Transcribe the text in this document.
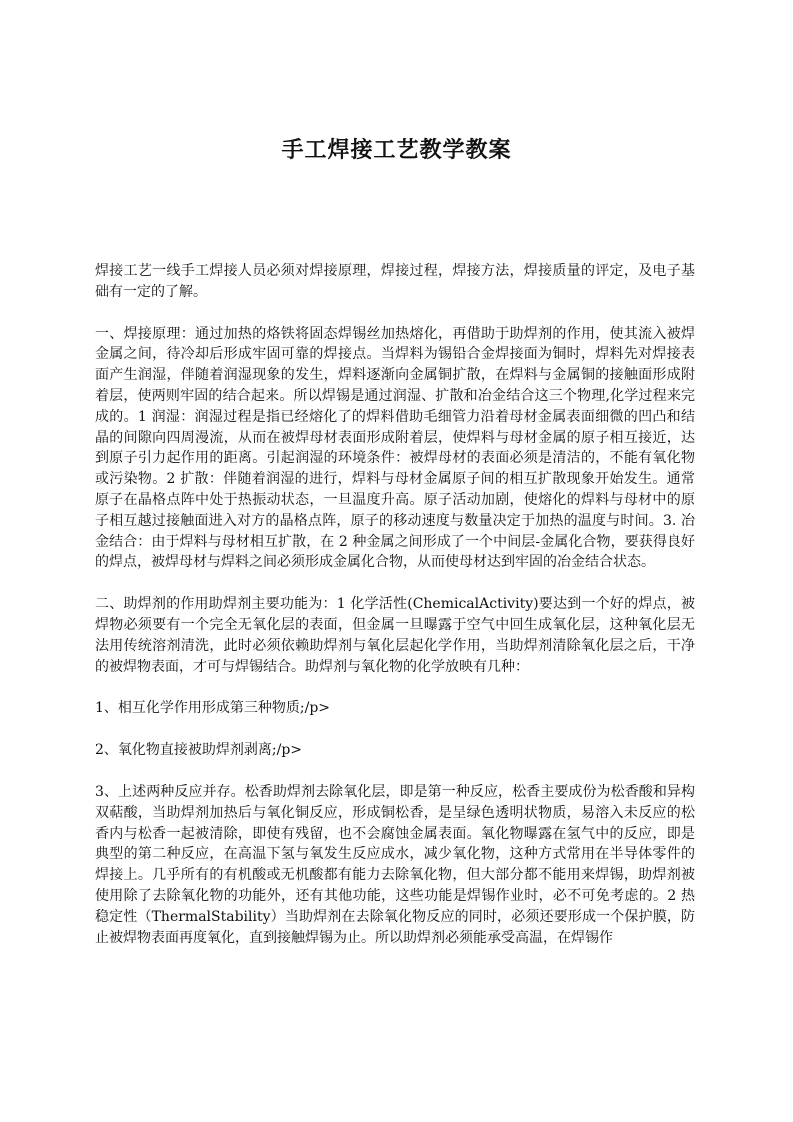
手工焊接工艺教学教案

焊接工艺一线手工焊接人员必须对焊接原理，焊接过程，焊接方法，焊接质量的评定，及电子基础有一定的了解。

一、焊接原理：通过加热的烙铁将固态焊锡丝加热熔化，再借助于助焊剂的作用，使其流入被焊金属之间，待冷却后形成牢固可靠的焊接点。当焊料为锡铅合金焊接面为铜时，焊料先对焊接表面产生润湿，伴随着润湿现象的发生，焊料逐渐向金属铜扩散，在焊料与金属铜的接触面形成附着层，使两则牢固的结合起来。所以焊锡是通过润湿、扩散和冶金结合这三个物理,化学过程来完成的。1 润湿：润湿过程是指已经熔化了的焊料借助毛细管力沿着母材金属表面细微的凹凸和结晶的间隙向四周漫流，从而在被焊母材表面形成附着层，使焊料与母材金属的原子相互接近，达到原子引力起作用的距离。引起润湿的环境条件：被焊母材的表面必须是清洁的，不能有氧化物或污染物。2 扩散：伴随着润湿的进行，焊料与母材金属原子间的相互扩散现象开始发生。通常原子在晶格点阵中处于热振动状态，一旦温度升高。原子活动加剧，使熔化的焊料与母材中的原子相互越过接触面进入对方的晶格点阵，原子的移动速度与数量决定于加热的温度与时间。3. 冶金结合：由于焊料与母材相互扩散，在 2 种金属之间形成了一个中间层-金属化合物，要获得良好的焊点，被焊母材与焊料之间必须形成金属化合物，从而使母材达到牢固的冶金结合状态。

二、助焊剂的作用助焊剂主要功能为：1 化学活性(ChemicalActivity)要达到一个好的焊点，被焊物必须要有一个完全无氧化层的表面，但金属一旦曝露于空气中回生成氧化层，这种氧化层无法用传统溶剂清洗，此时必须依赖助焊剂与氧化层起化学作用，当助焊剂清除氧化层之后，干净的被焊物表面，才可与焊锡结合。助焊剂与氧化物的化学放映有几种：

1、相互化学作用形成第三种物质;/p>

2、氧化物直接被助焊剂剥离;/p>

3、上述两种反应并存。松香助焊剂去除氧化层，即是第一种反应，松香主要成份为松香酸和异构双萜酸，当助焊剂加热后与氧化铜反应，形成铜松香，是呈绿色透明状物质，易溶入未反应的松香内与松香一起被清除，即使有残留，也不会腐蚀金属表面。氧化物曝露在氢气中的反应，即是典型的第二种反应，在高温下氢与氧发生反应成水，减少氧化物，这种方式常用在半导体零件的焊接上。几乎所有的有机酸或无机酸都有能力去除氧化物，但大部分都不能用来焊锡，助焊剂被使用除了去除氧化物的功能外，还有其他功能，这些功能是焊锡作业时，必不可免考虑的。2 热稳定性（ThermalStability）当助焊剂在去除氧化物反应的同时，必须还要形成一个保护膜，防止被焊物表面再度氧化，直到接触焊锡为止。所以助焊剂必须能承受高温，在焊锡作
